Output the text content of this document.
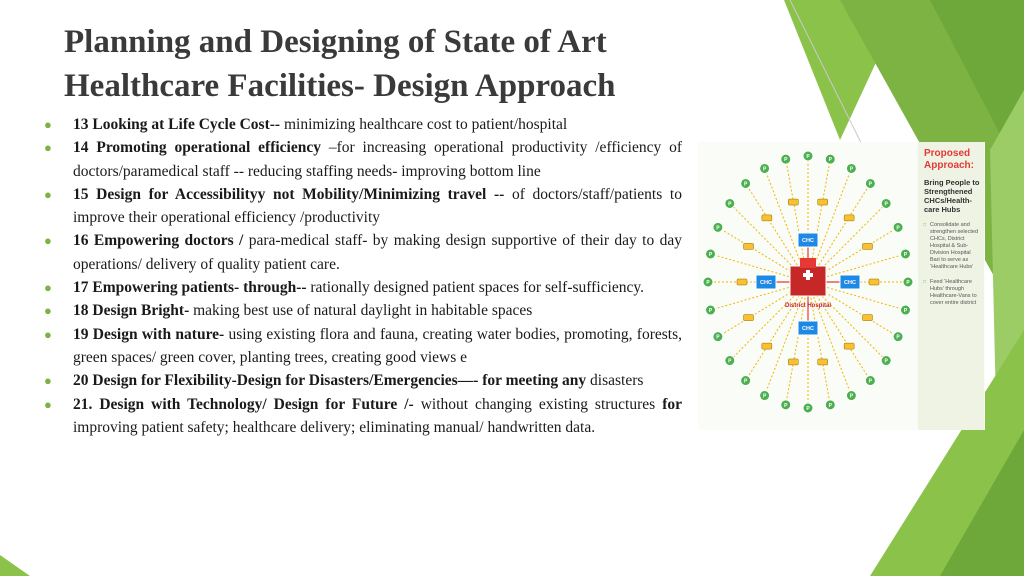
Planning and Designing of State of Art
Healthcare Facilities- Design Approach
● 13 Looking at Life Cycle Cost-- minimizing healthcare cost to patient/hospital
● 14 Promoting operational efficiency –for increasing operational productivity /efficiency of doctors/paramedical staff -- reducing staffing needs- improving bottom line
● 15 Design for Accessibilityy not Mobility/Minimizing travel -- of doctors/staff/patients to improve their operational efficiency /productivity
● 16 Empowering doctors / para-medical staff- by making design supportive of their day to day operations/ delivery of quality patient care.
● 17 Empowering patients- through-- rationally designed patient spaces for self-sufficiency.
● 18 Design Bright- making best use of natural daylight in habitable spaces
● 19 Design with nature- using existing flora and fauna, creating water bodies, promoting, forests, green spaces/ green cover, planting trees, creating good views e
● 20 Design for Flexibility-Design for Disasters/Emergencies—- for meeting any disasters
● 21. Design with Technology/ Design for Future /- without changing existing structures for improving patient safety; healthcare delivery; eliminating manual/ handwritten data.
P
P
P
P
P
P
P
P
P
P
P
P
P
P
P
P
P
P
P
P
P
P
P
P
P
P
P
P
CHC
CHC	CHC
CHC
District Hospital
Proposed Approach:
Bring People to Strengthened CHCs/Health-care Hubs
□ Consolidate and strengthen selected CHCs, District Hospital & Sub-Division Hospital Bari to serve as ‘Healthcare Hubs’
□ Feed ‘Healthcare Hubs’ through Healthcare-Vans to cover entire district
